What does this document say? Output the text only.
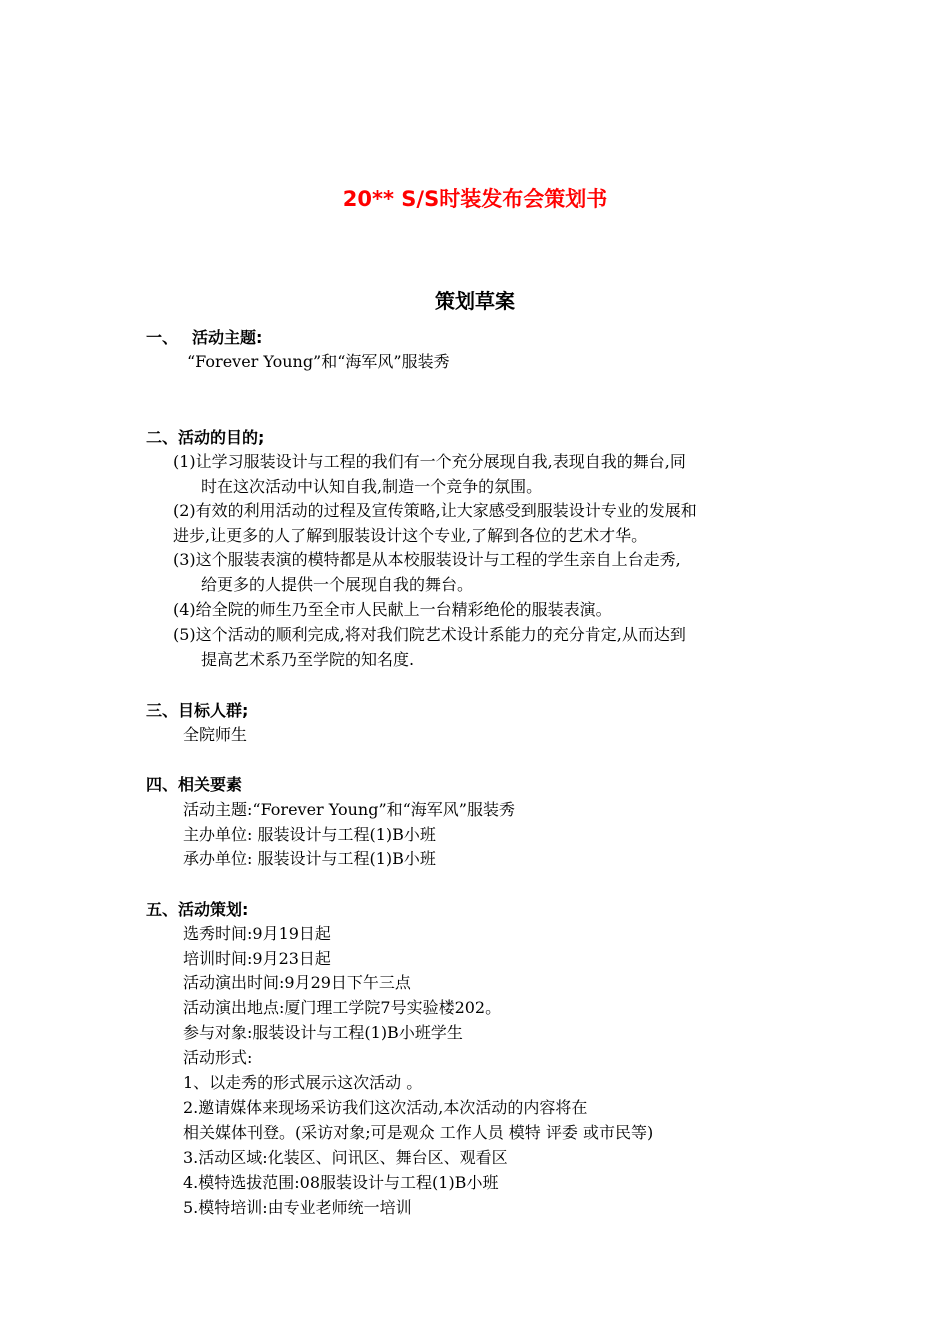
20** S/S时装发布会策划书
策划草案
一、 活动主题:
“Forever Young”和“海军风”服装秀
二、活动的目的;
(1)让学习服装设计与工程的我们有一个充分展现自我,表现自我的舞台,同
时在这次活动中认知自我,制造一个竞争的氛围。
(2)有效的利用活动的过程及宣传策略,让大家感受到服装设计专业的发展和
进步,让更多的人了解到服装设计这个专业,了解到各位的艺术才华。
(3)这个服装表演的模特都是从本校服装设计与工程的学生亲自上台走秀,
给更多的人提供一个展现自我的舞台。
(4)给全院的师生乃至全市人民献上一台精彩绝伦的服装表演。
(5)这个活动的顺利完成,将对我们院艺术设计系能力的充分肯定,从而达到
提高艺术系乃至学院的知名度.
三、目标人群;
全院师生
四、相关要素
活动主题:“Forever Young”和“海军风”服装秀
主办单位: 服装设计与工程(1)B小班
承办单位: 服装设计与工程(1)B小班
五、活动策划:
选秀时间:9月19日起
培训时间:9月23日起
活动演出时间:9月29日下午三点
活动演出地点:厦门理工学院7号实验楼202。
参与对象:服装设计与工程(1)B小班学生
活动形式:
1、以走秀的形式展示这次活动 。
2.邀请媒体来现场采访我们这次活动,本次活动的内容将在
相关媒体刊登。(采访对象;可是观众 工作人员 模特 评委 或市民等)
3.活动区域:化装区、问讯区、舞台区、观看区
4.模特选拔范围:08服装设计与工程(1)B小班
5.模特培训:由专业老师统一培训
